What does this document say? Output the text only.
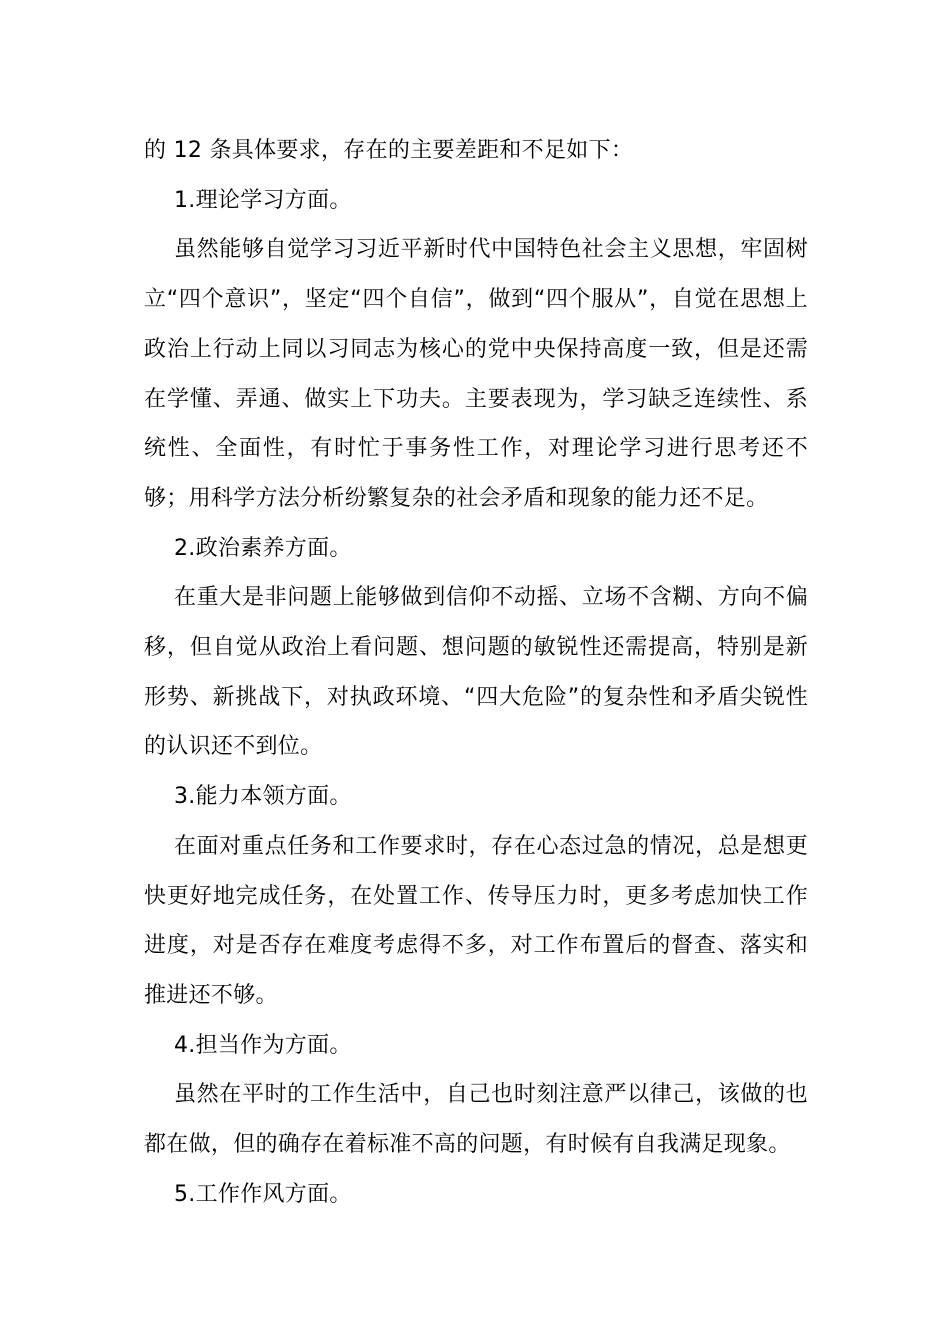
的 12 条具体要求，存在的主要差距和不足如下：

1.理论学习方面。

虽然能够自觉学习习近平新时代中国特色社会主义思想，牢固树立“四个意识”，坚定“四个自信”，做到“四个服从”，自觉在思想上政治上行动上同以习同志为核心的党中央保持高度一致，但是还需在学懂、弄通、做实上下功夫。主要表现为，学习缺乏连续性、系统性、全面性，有时忙于事务性工作，对理论学习进行思考还不够；用科学方法分析纷繁复杂的社会矛盾和现象的能力还不足。

2.政治素养方面。

在重大是非问题上能够做到信仰不动摇、立场不含糊、方向不偏移，但自觉从政治上看问题、想问题的敏锐性还需提高，特别是新形势、新挑战下，对执政环境、“四大危险”的复杂性和矛盾尖锐性的认识还不到位。

3.能力本领方面。

在面对重点任务和工作要求时，存在心态过急的情况，总是想更快更好地完成任务，在处置工作、传导压力时，更多考虑加快工作进度，对是否存在难度考虑得不多，对工作布置后的督查、落实和推进还不够。

4.担当作为方面。

虽然在平时的工作生活中，自己也时刻注意严以律己，该做的也都在做，但的确存在着标准不高的问题，有时候有自我满足现象。

5.工作作风方面。
